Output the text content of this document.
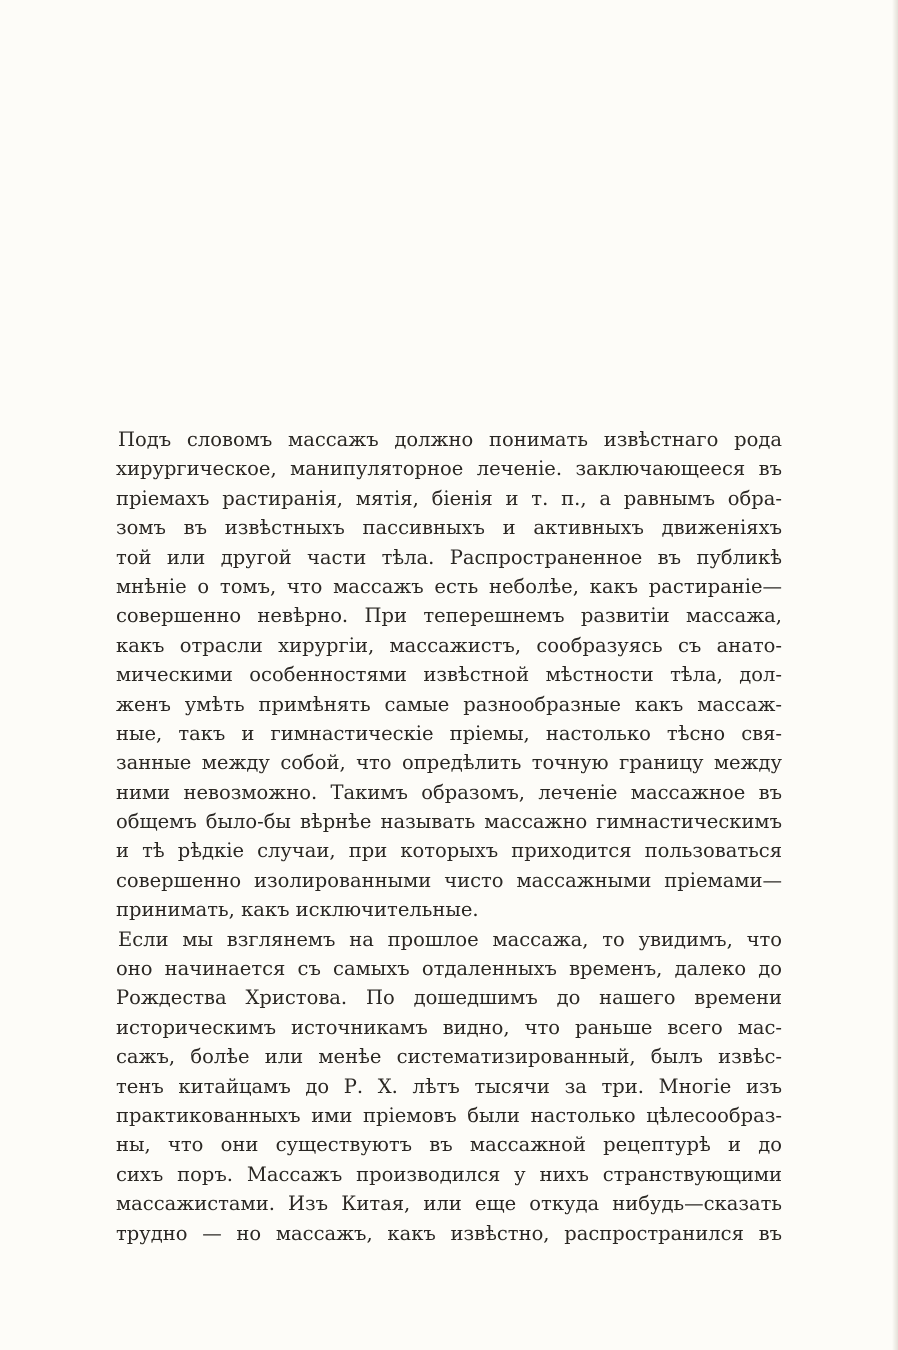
Подъ словомъ массажъ должно понимать извѣстнаго рода
хирургическое, манипуляторное леченіе. заключающееся въ
пріемахъ растиранія, мятія, біенія и т. п., а равнымъ обра-
зомъ въ извѣстныхъ пассивныхъ и активныхъ движеніяхъ
той или другой части тѣла. Распространенное въ публикѣ
мнѣніе о томъ, что массажъ есть неболѣе, какъ растираніе—
совершенно невѣрно. При теперешнемъ развитіи массажа,
какъ отрасли хирургіи, массажистъ, сообразуясь съ анато-
мическими особенностями извѣстной мѣстности тѣла, дол-
женъ умѣть примѣнять самые разнообразные какъ массаж-
ные, такъ и гимнастическіе пріемы, настолько тѣсно свя-
занные между собой, что опредѣлить точную границу между
ними невозможно. Такимъ образомъ, леченіе массажное въ
общемъ было-бы вѣрнѣе называть массажно гимнастическимъ
и тѣ рѣдкіе случаи, при которыхъ приходится пользоваться
совершенно изолированными чисто массажными пріемами—
принимать, какъ исключительные.
Если мы взглянемъ на прошлое массажа, то увидимъ, что
оно начинается съ самыхъ отдаленныхъ временъ, далеко до
Рождества Христова. По дошедшимъ до нашего времени
историческимъ источникамъ видно, что раньше всего мас-
сажъ, болѣе или менѣе систематизированный, былъ извѣс-
тенъ китайцамъ до Р. Х. лѣтъ тысячи за три. Многіе изъ
практикованныхъ ими пріемовъ были настолько цѣлесообраз-
ны, что они существуютъ въ массажной рецептурѣ и до
сихъ поръ. Массажъ производился у нихъ странствующими
массажистами. Изъ Китая, или еще откуда нибудь—сказать
трудно — но массажъ, какъ извѣстно, распространился въ
